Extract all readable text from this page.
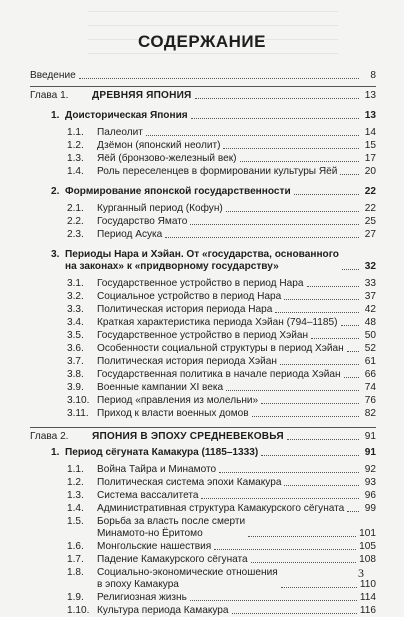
СОДЕРЖАНИЕ
Введение	8
Глава 1.	ДРЕВНЯЯ ЯПОНИЯ	13
1. Доисторическая Япония	13
1.1.	Палеолит	14
1.2.	Дзёмон (японский неолит)	15
1.3.	Яёй (бронзово-железный век)	17
1.4.	Роль переселенцев в формировании культуры Яёй	20
2. Формирование японской государственности	22
2.1.	Курганный период (Кофун)	22
2.2.	Государство Ямато	25
2.3.	Период Асука	27
3. Периоды Нара и Хэйан. От «государства, основанного
на законах» к «придворному государству»	32
3.1.	Государственное устройство в период Нара	33
3.2.	Социальное устройство в период Нара	37
3.3.	Политическая история периода Нара	42
3.4.	Краткая характеристика периода Хэйан (794–1185)	48
3.5.	Государственное устройство в период Хэйан	50
3.6.	Особенности социальной структуры в период Хэйан 52
3.7.	Политическая история периода Хэйан	61
3.8.	Государственная политика в начале периода Хэйан 66
3.9.	Военные кампании XI века	74
3.10. Период «правления из молельни»	76
3.11. Приход к власти военных домов	82
Глава 2.	ЯПОНИЯ В ЭПОХУ СРЕДНЕВЕКОВЬЯ	91
1. Период сёгуната Камакура (1185–1333)	91
1.1.	Война Тайра и Минамото	92
1.2.	Политическая система эпохи Камакура	93
1.3.	Система вассалитета	96
1.4.	Административная структура Камакурского сёгуната 99
1.5.	Борьба за власть после смерти
Минамото-но Ёритомо	101
1.6.	Монгольские нашествия	105
1.7.	Падение Камакурского сёгуната	108
1.8.	Социально-экономические отношения
в эпоху Камакура	110
1.9.	Религиозная жизнь	114
1.10. Культура периода Камакура	116
3
